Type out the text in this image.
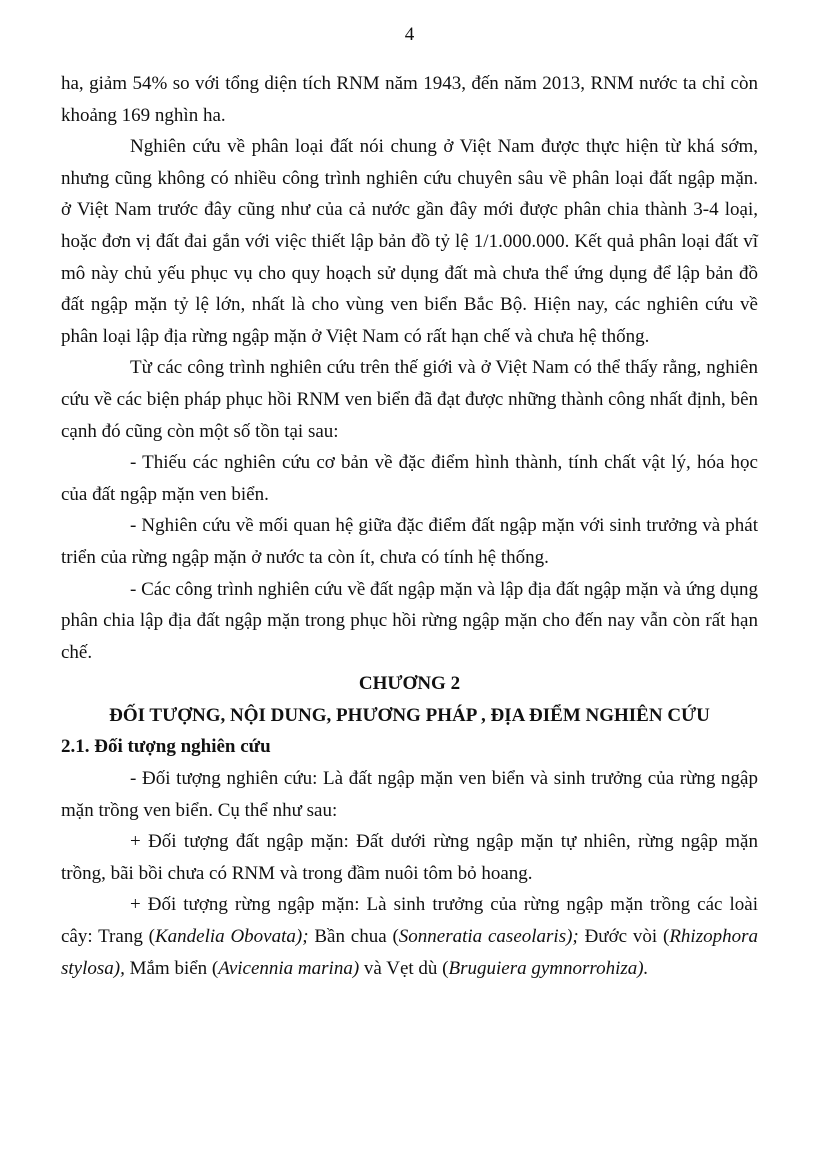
4

ha, giảm 54% so với tổng diện tích RNM năm 1943, đến năm 2013, RNM nước ta chỉ còn khoảng 169 nghìn ha.

Nghiên cứu về phân loại đất nói chung ở Việt Nam được thực hiện từ khá sớm, nhưng cũng không có nhiều công trình nghiên cứu chuyên sâu về phân loại đất ngập mặn. ở Việt Nam trước đây cũng như của cả nước gần đây mới được phân chia thành 3-4 loại, hoặc đơn vị đất đai gắn với việc thiết lập bản đồ tỷ lệ 1/1.000.000. Kết quả phân loại đất vĩ mô này chủ yếu phục vụ cho quy hoạch sử dụng đất mà chưa thể ứng dụng để lập bản đồ đất ngập mặn tỷ lệ lớn, nhất là cho vùng ven biển Bắc Bộ. Hiện nay, các nghiên cứu về phân loại lập địa rừng ngập mặn ở Việt Nam có rất hạn chế và chưa hệ thống.

Từ các công trình nghiên cứu trên thế giới và ở Việt Nam có thể thấy rằng, nghiên cứu về các biện pháp phục hồi RNM ven biển đã đạt được những thành công nhất định, bên cạnh đó cũng còn một số tồn tại sau:

- Thiếu các nghiên cứu cơ bản về đặc điểm hình thành, tính chất vật lý, hóa học của đất ngập mặn ven biển.

- Nghiên cứu về mối quan hệ giữa đặc điểm đất ngập mặn với sinh trưởng và phát triển của rừng ngập mặn ở nước ta còn ít, chưa có tính hệ thống.

- Các công trình nghiên cứu về đất ngập mặn và lập địa đất ngập mặn và ứng dụng phân chia lập địa đất ngập mặn trong phục hồi rừng ngập mặn cho đến nay vẫn còn rất hạn chế.

CHƯƠNG 2

ĐỐI TƯỢNG, NỘI DUNG, PHƯƠNG PHÁP , ĐỊA ĐIỂM NGHIÊN CỨU

2.1. Đối tượng nghiên cứu

- Đối tượng nghiên cứu: Là đất ngập mặn ven biển và sinh trưởng của rừng ngập mặn trồng ven biển. Cụ thể như sau:

+ Đối tượng đất ngập mặn: Đất dưới rừng ngập mặn tự nhiên, rừng ngập mặn trồng, bãi bồi chưa có RNM và trong đầm nuôi tôm bỏ hoang.

+ Đối tượng rừng ngập mặn: Là sinh trưởng của rừng ngập mặn trồng các loài cây: Trang (Kandelia Obovata); Bần chua (Sonneratia caseolaris); Đước vòi (Rhizophora stylosa), Mắm biển (Avicennia marina) và Vẹt dù (Bruguiera gymnorrohiza).
